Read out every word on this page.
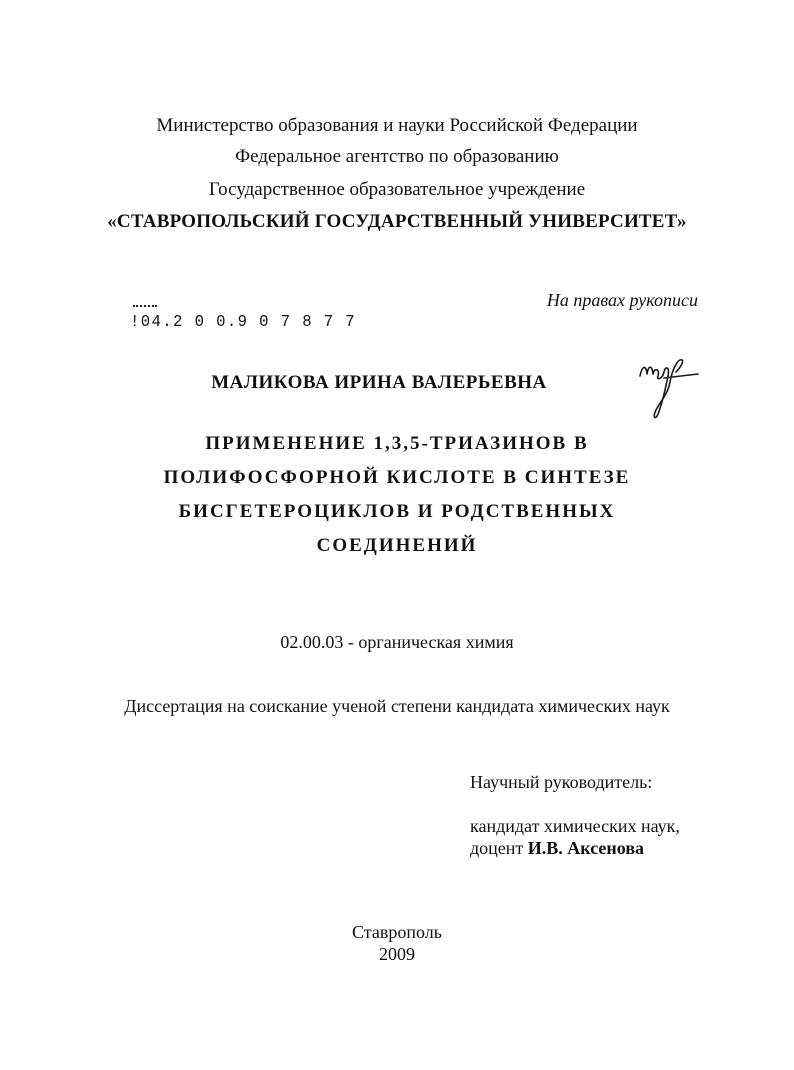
Министерство образования и науки Российской Федерации
Федеральное агентство по образованию
Государственное образовательное учреждение
«СТАВРОПОЛЬСКИЙ ГОСУДАРСТВЕННЫЙ УНИВЕРСИТЕТ»
На правах рукописи
!04.2 0 0.9 0 7 8 7 7
МАЛИКОВА ИРИНА ВАЛЕРЬЕВНА
ПРИМЕНЕНИЕ 1,3,5-ТРИАЗИНОВ В
ПОЛИФОСФОРНОЙ КИСЛОТЕ В СИНТЕЗЕ
БИСГЕТЕРОЦИКЛОВ И РОДСТВЕННЫХ
СОЕДИНЕНИЙ
02.00.03 - органическая химия
Диссертация на соискание ученой степени кандидата химических наук
Научный руководитель:
кандидат химических наук,
доцент И.В. Аксенова
Ставрополь
2009
